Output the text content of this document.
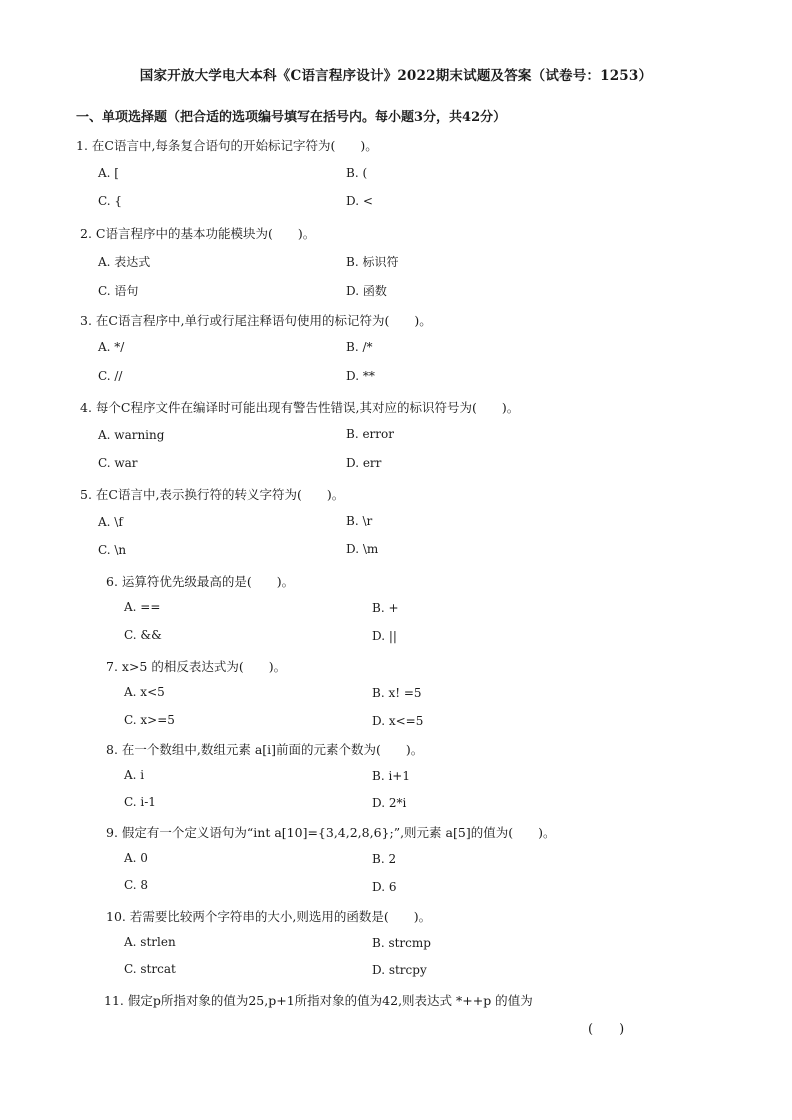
国家开放大学电大本科《C语言程序设计》2022期末试题及答案（试卷号：1253）
一、单项选择题（把合适的选项编号填写在括号内。每小题3分，共42分）
1. 在C语言中,每条复合语句的开始标记字符为(　　)。
A. [	B. (
C. {	D. <
2. C语言程序中的基本功能模块为(　　)。
A. 表达式	B. 标识符
C. 语句	D. 函数
3. 在C语言程序中,单行或行尾注释语句使用的标记符为(　　)。
A. */	B. /*
C. //	D. **
4. 每个C程序文件在编译时可能出现有警告性错误,其对应的标识符号为(　　)。
A. warning	B. error
C. war	D. err
5. 在C语言中,表示换行符的转义字符为(　　)。
A. \f	B. \r
C. \n	D. \m
6. 运算符优先级最高的是(　　)。
A. ==	B. +
C. &&	D. ||
7. x>5 的相反表达式为(　　)。
A. x<5	B. x! =5
C. x>=5	D. x<=5
8. 在一个数组中,数组元素 a[i]前面的元素个数为(　　)。
A. i	B. i+1
C. i-1	D. 2*i
9. 假定有一个定义语句为“int a[10]={3,4,2,8,6};”,则元素 a[5]的值为(　　)。
A. 0	B. 2
C. 8	D. 6
10. 若需要比较两个字符串的大小,则选用的函数是(　　)。
A. strlen	B. strcmp
C. strcat	D. strcpy
11. 假定p所指对象的值为25,p+1所指对象的值为42,则表达式 *++p 的值为
(　　)
